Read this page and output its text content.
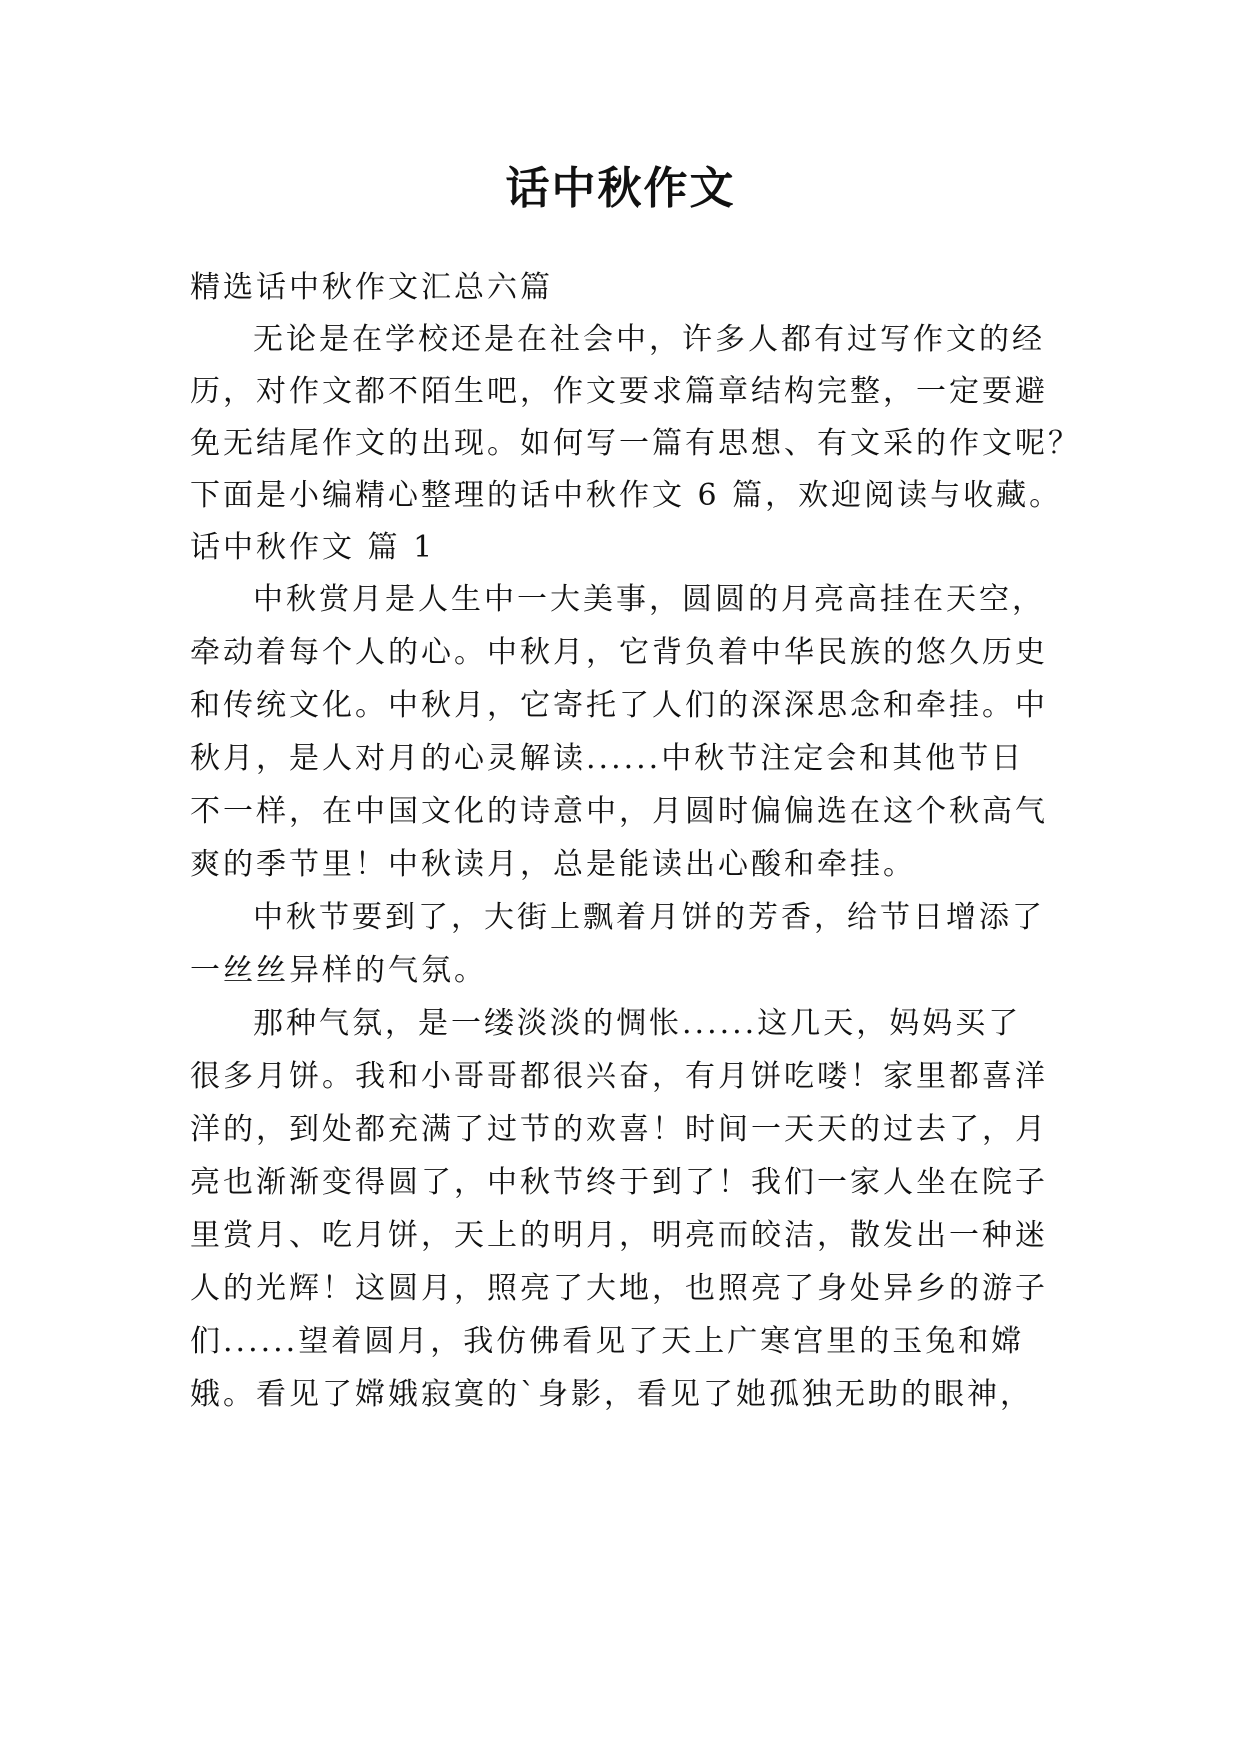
话中秋作文
精选话中秋作文汇总六篇
无论是在学校还是在社会中，许多人都有过写作文的经
历，对作文都不陌生吧，作文要求篇章结构完整，一定要避
免无结尾作文的出现。如何写一篇有思想、有文采的作文呢？
下面是小编精心整理的话中秋作文 6 篇，欢迎阅读与收藏。
话中秋作文 篇 1
中秋赏月是人生中一大美事，圆圆的月亮高挂在天空，
牵动着每个人的心。中秋月，它背负着中华民族的悠久历史
和传统文化。中秋月，它寄托了人们的深深思念和牵挂。中
秋月，是人对月的心灵解读......中秋节注定会和其他节日
不一样，在中国文化的诗意中，月圆时偏偏选在这个秋高气
爽的季节里！中秋读月，总是能读出心酸和牵挂。
中秋节要到了，大街上飘着月饼的芳香，给节日增添了
一丝丝异样的气氛。
那种气氛，是一缕淡淡的惆怅......这几天，妈妈买了
很多月饼。我和小哥哥都很兴奋，有月饼吃喽！家里都喜洋
洋的，到处都充满了过节的欢喜！时间一天天的过去了，月
亮也渐渐变得圆了，中秋节终于到了！我们一家人坐在院子
里赏月、吃月饼，天上的明月，明亮而皎洁，散发出一种迷
人的光辉！这圆月，照亮了大地，也照亮了身处异乡的游子
们......望着圆月，我仿佛看见了天上广寒宫里的玉兔和嫦
娥。看见了嫦娥寂寞的`身影，看见了她孤独无助的眼神，
